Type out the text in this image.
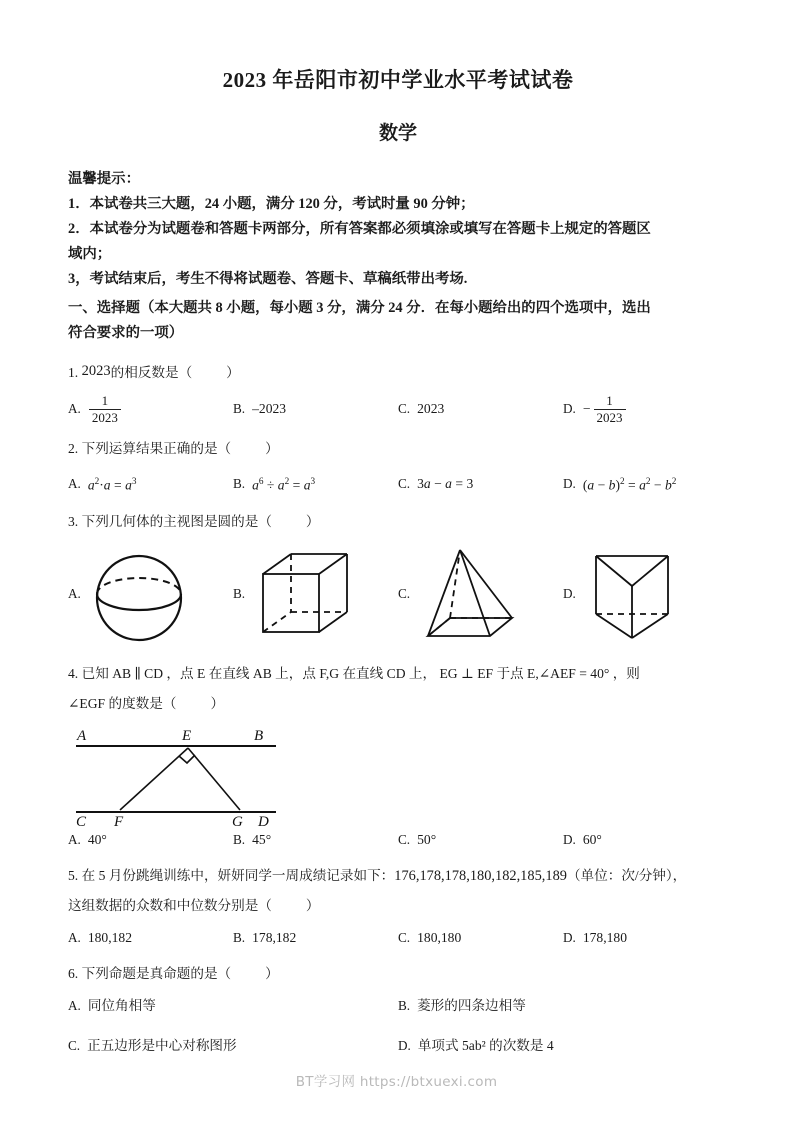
2023 年岳阳市初中学业水平考试试卷
数学
温馨提示：
1．本试卷共三大题，24 小题，满分 120 分，考试时量 90 分钟；
2．本试卷分为试题卷和答题卡两部分，所有答案都必须填涂或填写在答题卡上规定的答题区
域内；
3，考试结束后，考生不得将试题卷、答题卡、草稿纸带出考场.
一、选择题（本大题共 8 小题，每小题 3 分，满分 24 分．在每小题给出的四个选项中，选出
符合要求的一项）
1. 2023的相反数是（	）
A. $\frac{1}{2023}$	B. –2023	C. 2023	D. − $\frac{1}{2023}$
2. 下列运算结果正确的是（	）
A. $a^2\cdot a = a^3$	B. $a^6 \div a^2 = a^3$	C. 3a − a = 3	D. $(a - b)^2 = a^2 - b^2$
3. 下列几何体的主视图是圆的是（	）
A.	B.	C.	D.
4. 已知 AB ∥ CD ，点 E 在直线 AB 上，点 F,G 在直线 CD 上， EG ⊥ EF 于点 E,∠AEF = 40° ，则
∠EGF 的度数是（	）
A	E	B
C F	G D
A. 40°	B. 45°	C. 50°	D. 60°
5. 在 5 月份跳绳训练中，妍妍同学一周成绩记录如下：176,178,178,180,182,185,189（单位：次/分钟），
这组数据的众数和中位数分别是（	）
A. 180,182	B. 178,182	C. 180,180	D. 178,180
6. 下列命题是真命题的是（	）
A. 同位角相等	B. 菱形的四条边相等
C. 正五边形是中心对称图形	D. 单项式 5ab² 的次数是 4
BT学习网 https://btxuexi.com
